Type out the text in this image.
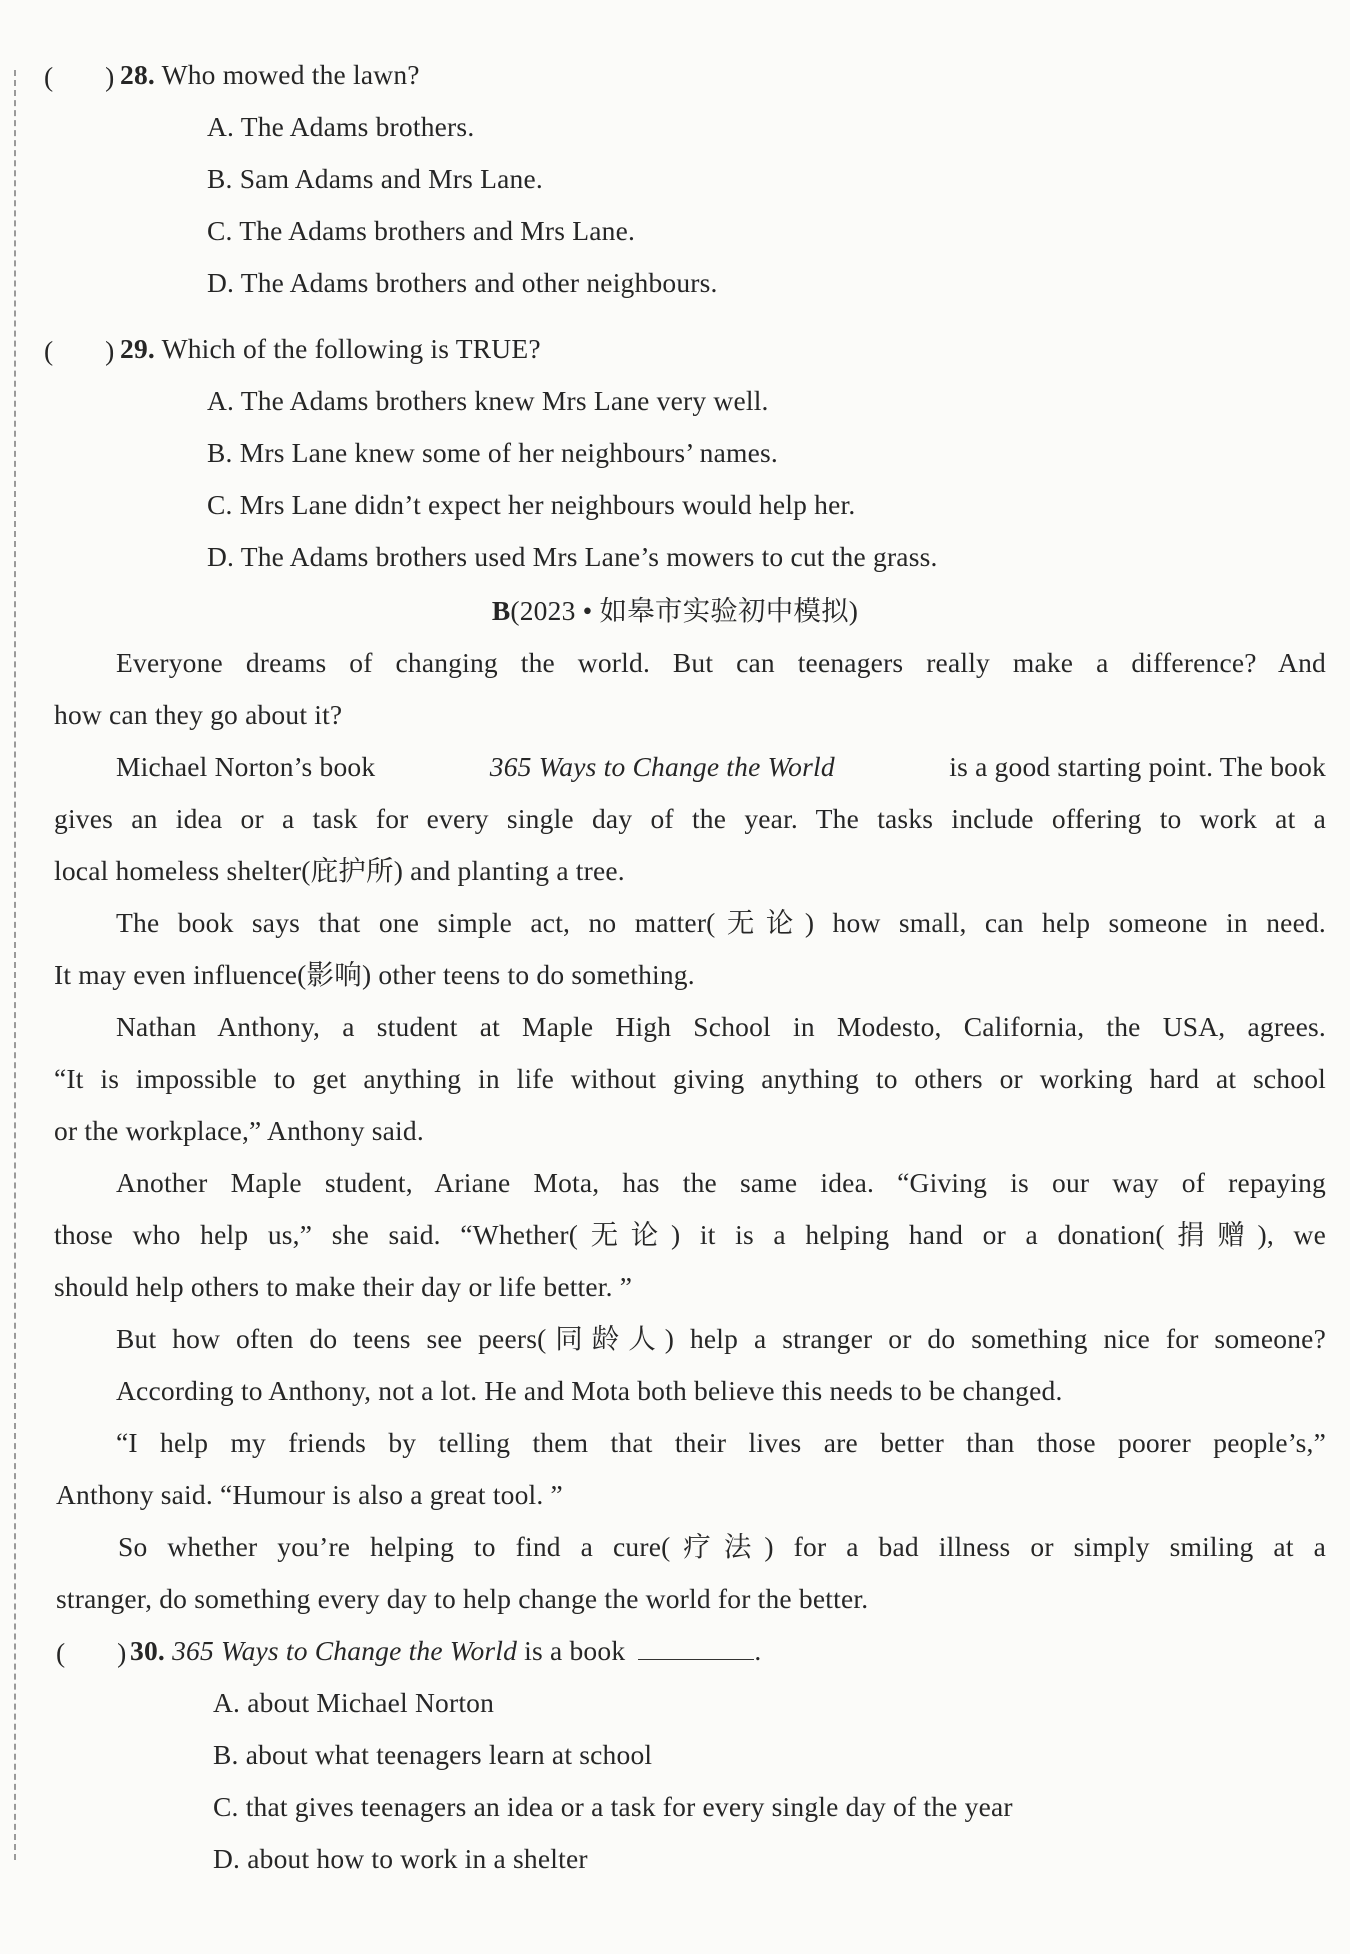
( ) 28. Who mowed the lawn?
A. The Adams brothers.
B. Sam Adams and Mrs Lane.
C. The Adams brothers and Mrs Lane.
D. The Adams brothers and other neighbours.
( ) 29. Which of the following is TRUE?
A. The Adams brothers knew Mrs Lane very well.
B. Mrs Lane knew some of her neighbours’ names.
C. Mrs Lane didn’t expect her neighbours would help her.
D. The Adams brothers used Mrs Lane’s mowers to cut the grass.
B(2023 • 如皋市实验初中模拟)
Everyone dreams of changing the world. But can teenagers really make a difference? And
how can they go about it?
Michael Norton’s book	365 Ways to Change the World	is a good starting point. The book
gives an idea or a task for every single day of the year. The tasks include offering to work at a
local homeless shelter(庇护所) and planting a tree.
The book says that one simple act, no matter(无论) how small, can help someone in need.
It may even influence(影响) other teens to do something.
Nathan Anthony, a student at Maple High School in Modesto, California, the USA, agrees.
“It is impossible to get anything in life without giving anything to others or working hard at school
or the workplace,” Anthony said.
Another Maple student, Ariane Mota, has the same idea. “Giving is our way of repaying
those who help us,” she said. “Whether(无论) it is a helping hand or a donation(捐赠), we
should help others to make their day or life better. ”
But how often do teens see peers(同龄人) help a stranger or do something nice for someone?
According to Anthony, not a lot. He and Mota both believe this needs to be changed.
“I help my friends by telling them that their lives are better than those poorer people’s,”
Anthony said. “Humour is also a great tool. ”
So whether you’re helping to find a cure(疗法) for a bad illness or simply smiling at a
stranger, do something every day to help change the world for the better.
( ) 30. 365 Ways to Change the World is a book	.
A. about Michael Norton
B. about what teenagers learn at school
C. that gives teenagers an idea or a task for every single day of the year
D. about how to work in a shelter
